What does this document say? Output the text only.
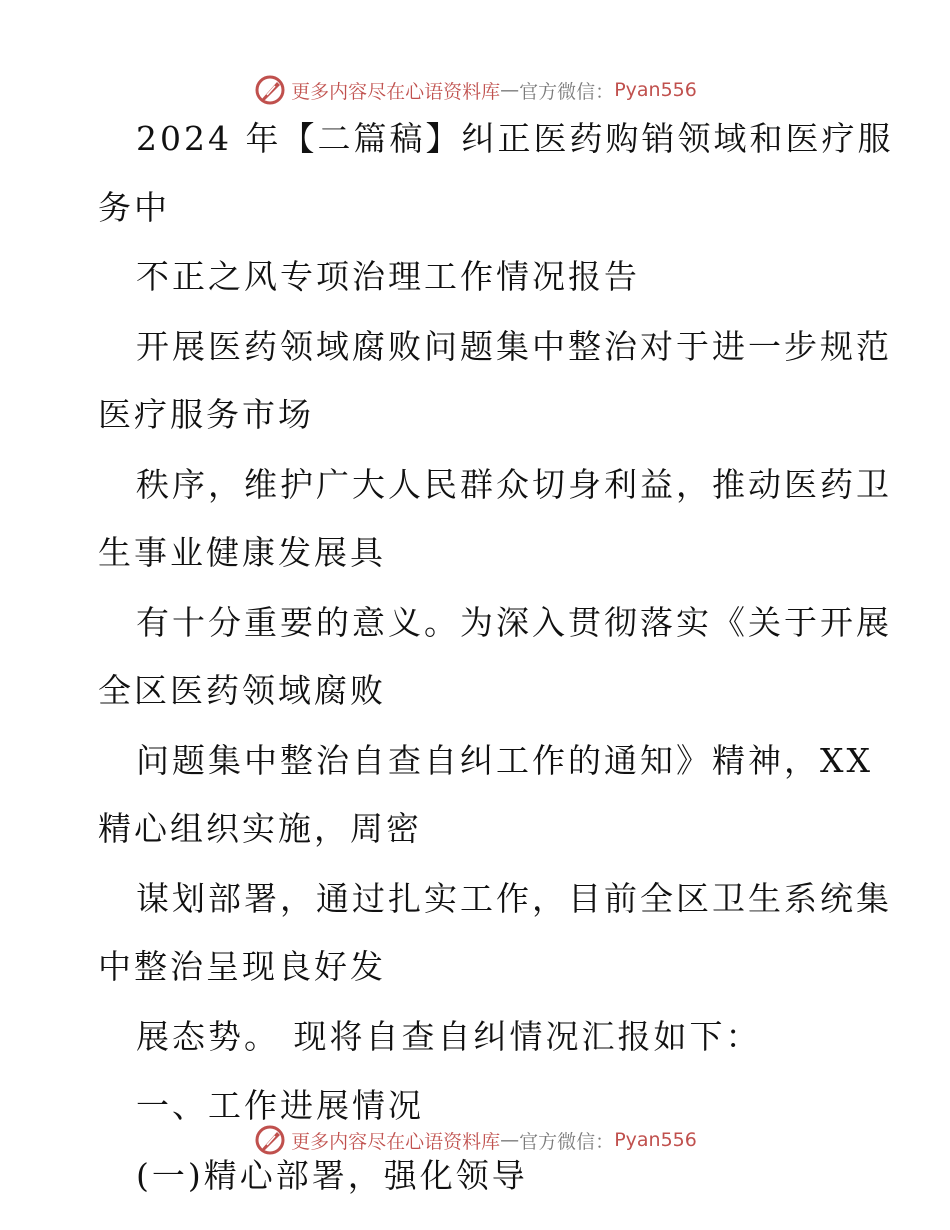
更多内容尽在心语资料库 — 官方微信： Pyan556
2024 年【二篇稿】纠正医药购销领域和医疗服
务中
不正之风专项治理工作情况报告
开展医药领域腐败问题集中整治对于进一步规范
医疗服务市场
秩序，维护广大人民群众切身利益，推动医药卫
生事业健康发展具
有十分重要的意义。为深入贯彻落实《关于开展
全区医药领域腐败
问题集中整治自查自纠工作的通知》精神，XX
精心组织实施，周密
谋划部署，通过扎实工作，目前全区卫生系统集
中整治呈现良好发
展态势。 现将自查自纠情况汇报如下：
一、工作进展情况
(一)精心部署，强化领导
更多内容尽在心语资料库 — 官方微信： Pyan556
